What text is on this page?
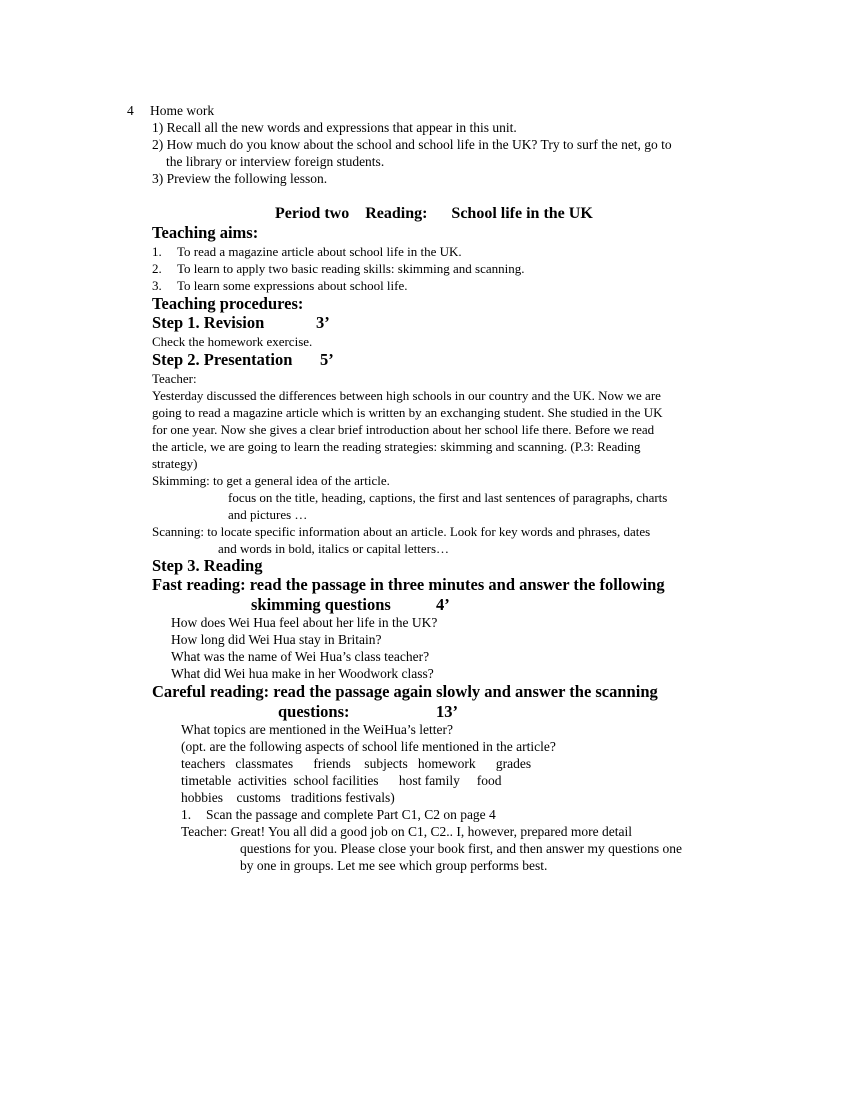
4 Home work
1) Recall all the new words and expressions that appear in this unit.
2) How much do you know about the school and school life in the UK? Try to surf the net, go to
the library or interview foreign students.
3) Preview the following lesson.
Period two    Reading:      School life in the UK
Teaching aims:
1. To read a magazine article about school life in the UK.
2. To learn to apply two basic reading skills: skimming and scanning.
3. To learn some expressions about school life.
Teaching procedures:
Step 1. Revision	3’
Check the homework exercise.
Step 2. Presentation 5’
Teacher:
Yesterday discussed the differences between high schools in our country and the UK. Now we are
going to read a magazine article which is written by an exchanging student. She studied in the UK
for one year. Now she gives a clear brief introduction about her school life there. Before we read
the article, we are going to learn the reading strategies: skimming and scanning. (P.3: Reading
strategy)
Skimming: to get a general idea of the article.
focus on the title, heading, captions, the first and last sentences of paragraphs, charts
and pictures …
Scanning: to locate specific information about an article. Look for key words and phrases, dates
and words in bold, italics or capital letters…
Step 3. Reading
Fast reading: read the passage in three minutes and answer the following
skimming questions	4’
How does Wei Hua feel about her life in the UK?
How long did Wei Hua stay in Britain?
What was the name of Wei Hua’s class teacher?
What did Wei hua make in her Woodwork class?
Careful reading: read the passage again slowly and answer the scanning
questions:	13’
What topics are mentioned in the WeiHua’s letter?
(opt. are the following aspects of school life mentioned in the article?
teachers   classmates      friends    subjects   homework      grades
timetable  activities  school facilities      host family     food
hobbies    customs   traditions festivals)
1. Scan the passage and complete Part C1, C2 on page 4
Teacher: Great! You all did a good job on C1, C2.. I, however, prepared more detail
questions for you. Please close your book first, and then answer my questions one
by one in groups. Let me see which group performs best.
